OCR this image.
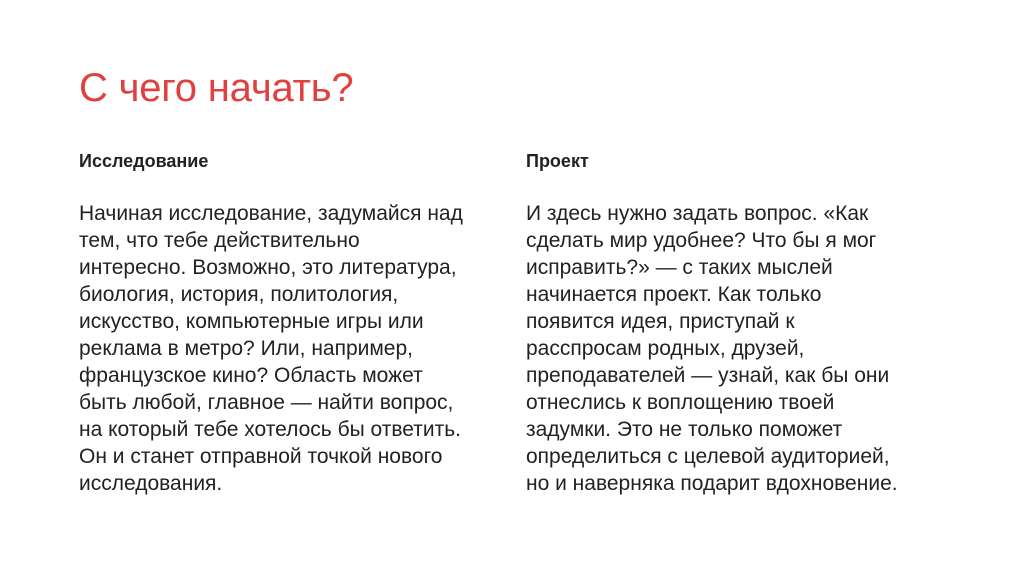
С чего начать?
Исследование

Начиная исследование, задумайся над
тем, что тебе действительно
интересно. Возможно, это литература,
биология, история, политология,
искусство, компьютерные игры или
реклама в метро? Или, например,
французское кино? Область может
быть любой, главное — найти вопрос,
на который тебе хотелось бы ответить.
Он и станет отправной точкой нового
исследования.

Проект

И здесь нужно задать вопрос. «Как
сделать мир удобнее? Что бы я мог
исправить?» — с таких мыслей
начинается проект. Как только
появится идея, приступай к
расспросам родных, друзей,
преподавателей — узнай, как бы они
отнеслись к воплощению твоей
задумки. Это не только поможет
определиться с целевой аудиторией,
но и наверняка подарит вдохновение.
